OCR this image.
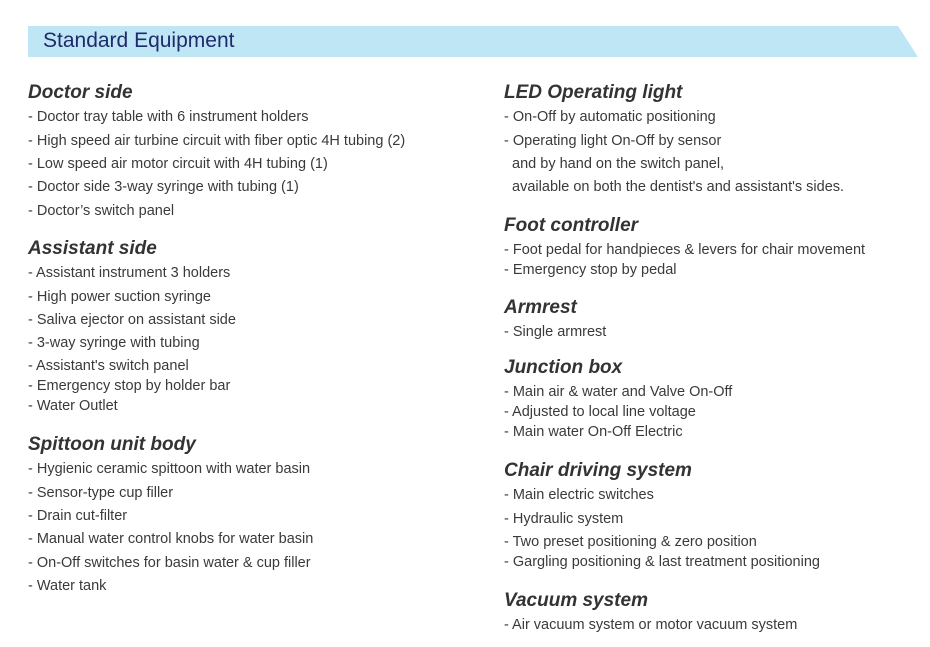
Standard Equipment
Doctor side

- Doctor tray table with 6 instrument holders

- High speed air turbine circuit with fiber optic 4H tubing (2)

- Low speed air motor circuit with 4H tubing (1)

- Doctor side 3-way syringe with tubing (1)

- Doctor’s switch panel

Assistant side

- Assistant instrument 3 holders

- High power suction syringe

- Saliva ejector on assistant side

- 3-way syringe with tubing

- Assistant's switch panel

- Emergency stop by holder bar

- Water Outlet

Spittoon unit body

- Hygienic ceramic spittoon with water basin

- Sensor-type cup filler

- Drain cut-filter

- Manual water control knobs for water basin

- On-Off switches for basin water & cup filler

- Water tank

LED Operating light

- On-Off by automatic positioning

- Operating light On-Off by sensor

and by hand on the switch panel,

available on both the dentist's and assistant's sides.

Foot controller

- Foot pedal for handpieces & levers for chair movement

- Emergency stop by pedal

Armrest

- Single armrest

Junction box

- Main air & water and Valve On-Off

- Adjusted to local line voltage

- Main water On-Off Electric

Chair driving system

- Main electric switches

- Hydraulic system

- Two preset positioning & zero position

- Gargling positioning & last treatment positioning

Vacuum system

- Air vacuum system or motor vacuum system
